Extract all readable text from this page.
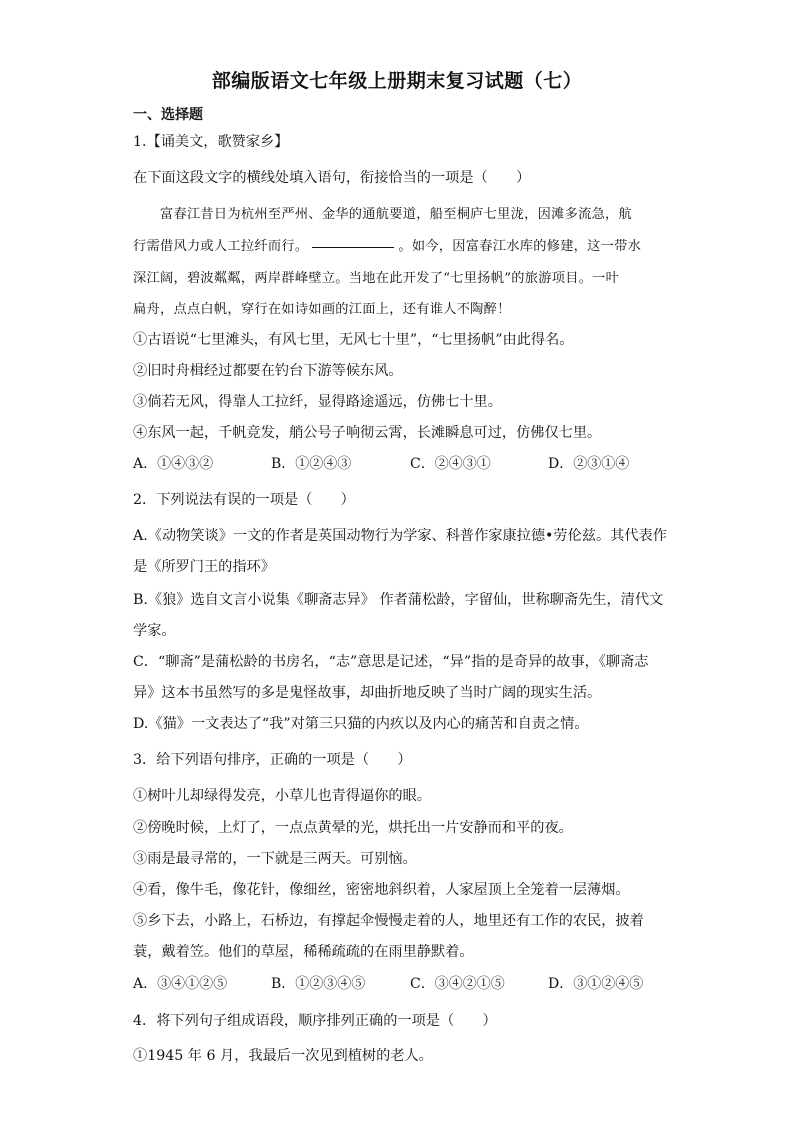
部编版语文七年级上册期末复习试题（七）
一、选择题
1.【诵美文，歌赞家乡】
在下面这段文字的横线处填入语句，衔接恰当的一项是（　　）
　　富春江昔日为杭州至严州、金华的通航要道，船至桐庐七里泷，因滩多流急，航
行需借风力或人工拉纤而行。	。如今，因富春江水库的修建，这一带水
深江阔，碧波粼粼，两岸群峰壁立。当地在此开发了“七里扬帆”的旅游项目。一叶
扁舟，点点白帆，穿行在如诗如画的江面上，还有谁人不陶醉！
①古语说“七里滩头，有风七里，无风七十里”，“七里扬帆”由此得名。
②旧时舟楫经过都要在钓台下游等候东风。
③倘若无风，得靠人工拉纤，显得路途遥远，仿佛七十里。
④东风一起，千帆竞发，艄公号子响彻云霄，长滩瞬息可过，仿佛仅七里。
A．①④③②	B．①②④③	C．②④③①	D．②③①④
2．下列说法有误的一项是（　　）
A.《动物笑谈》一文的作者是英国动物行为学家、科普作家康拉德•劳伦兹。其代表作
是《所罗门王的指环》
B.《狼》选自文言小说集《聊斋志异》 作者蒲松龄，字留仙，世称聊斋先生，清代文
学家。
C．“聊斋”是蒲松龄的书房名，“志”意思是记述，“异”指的是奇异的故事，《聊斋志
异》这本书虽然写的多是鬼怪故事，却曲折地反映了当时广阔的现实生活。
D.《猫》一文表达了“我”对第三只猫的内疚以及内心的痛苦和自责之情。
3．给下列语句排序，正确的一项是（　　）
①树叶儿却绿得发亮，小草儿也青得逼你的眼。
②傍晚时候，上灯了，一点点黄晕的光，烘托出一片安静而和平的夜。
③雨是最寻常的，一下就是三两天。可别恼。
④看，像牛毛，像花针，像细丝，密密地斜织着，人家屋顶上全笼着一层薄烟。
⑤乡下去，小路上，石桥边，有撑起伞慢慢走着的人，地里还有工作的农民，披着
蓑，戴着笠。他们的草屋，稀稀疏疏的在雨里静默着。
A．③④①②⑤	B．①②③④⑤	C．③④②①⑤	D．③①②④⑤
4．将下列句子组成语段，顺序排列正确的一项是（　　）
①1945 年 6 月，我最后一次见到植树的老人。
